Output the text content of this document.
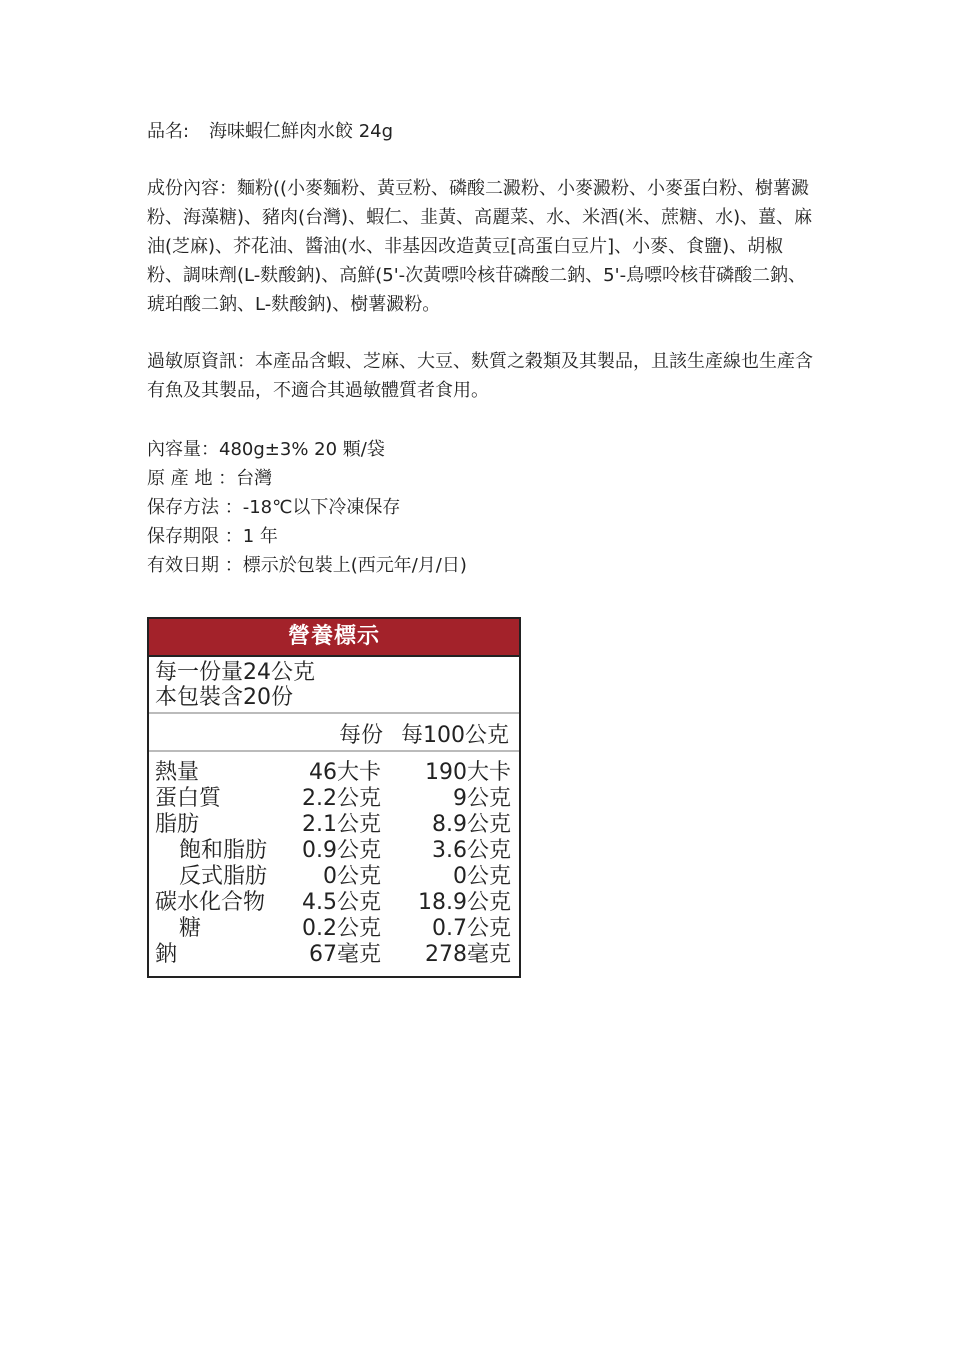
品名: 海味蝦仁鮮肉水餃 24g
成份內容：麵粉((小麥麵粉、黃豆粉、磷酸二澱粉、小麥澱粉、小麥蛋白粉、樹薯澱粉、海藻糖)、豬肉(台灣)、蝦仁、韭黃、高麗菜、水、米酒(米、蔗糖、水)、薑、麻油(芝麻)、芥花油、醬油(水、非基因改造黃豆[高蛋白豆片]、小麥、食鹽)、胡椒粉、調味劑(L-麩酸鈉)、高鮮(5'-次黃嘌呤核苷磷酸二鈉、5'-鳥嘌呤核苷磷酸二鈉、琥珀酸二鈉、L-麩酸鈉)、樹薯澱粉。
過敏原資訊：本產品含蝦、芝麻、大豆、麩質之穀類及其製品，且該生產線也生產含有魚及其製品，不適合其過敏體質者食用。
內容量：480g±3% 20 顆/袋
原 產 地 ：台灣
保存方法 ：-18℃以下冷凍保存
保存期限 ：1 年
有效日期 ：標示於包裝上(西元年/月/日)
營養標示
每一份量24公克
本包裝含20份
每份 每100公克
熱量	46大卡 190大卡
蛋白質	2.2公克	9公克
脂肪	2.1公克 8.9公克
飽和脂肪 0.9公克 3.6公克
反式脂肪	0公克	0公克
碳水化合物 4.5公克 18.9公克
糖	0.2公克 0.7公克
鈉	67毫克 278毫克
